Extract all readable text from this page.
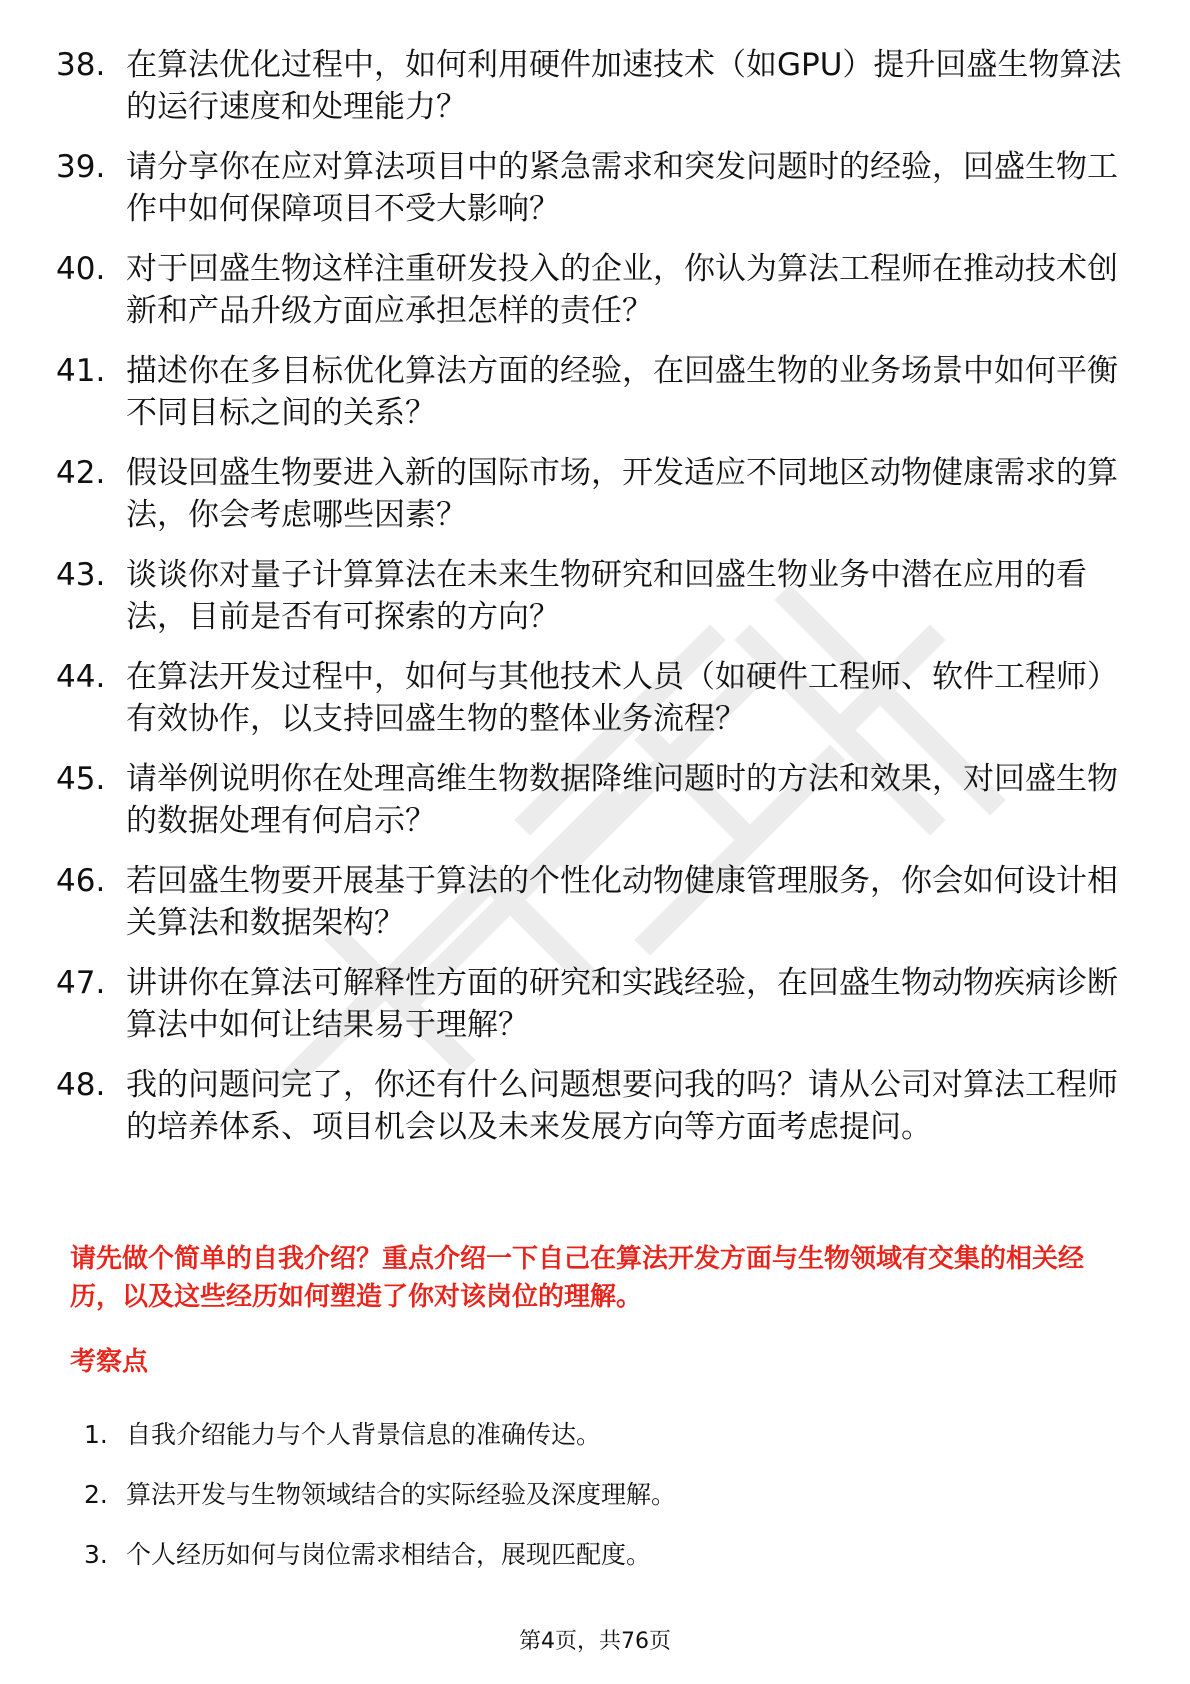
38. 在算法优化过程中，如何利用硬件加速技术（如GPU）提升回盛生物算法的运行速度和处理能力？
39. 请分享你在应对算法项目中的紧急需求和突发问题时的经验，回盛生物工作中如何保障项目不受大影响？
40. 对于回盛生物这样注重研发投入的企业，你认为算法工程师在推动技术创新和产品升级方面应承担怎样的责任？
41. 描述你在多目标优化算法方面的经验，在回盛生物的业务场景中如何平衡不同目标之间的关系？
42. 假设回盛生物要进入新的国际市场，开发适应不同地区动物健康需求的算法，你会考虑哪些因素？
43. 谈谈你对量子计算算法在未来生物研究和回盛生物业务中潜在应用的看法，目前是否有可探索的方向？
44. 在算法开发过程中，如何与其他技术人员（如硬件工程师、软件工程师）有效协作，以支持回盛生物的整体业务流程？
45. 请举例说明你在处理高维生物数据降维问题时的方法和效果，对回盛生物的数据处理有何启示？
46. 若回盛生物要开展基于算法的个性化动物健康管理服务，你会如何设计相关算法和数据架构？
47. 讲讲你在算法可解释性方面的研究和实践经验，在回盛生物动物疾病诊断算法中如何让结果易于理解？
48. 我的问题问完了，你还有什么问题想要问我的吗？请从公司对算法工程师的培养体系、项目机会以及未来发展方向等方面考虑提问。
请先做个简单的自我介绍？重点介绍一下自己在算法开发方面与生物领域有交集的相关经历，以及这些经历如何塑造了你对该岗位的理解。
考察点
1. 自我介绍能力与个人背景信息的准确传达。
2. 算法开发与生物领域结合的实际经验及深度理解。
3. 个人经历如何与岗位需求相结合，展现匹配度。
第4页，共76页
